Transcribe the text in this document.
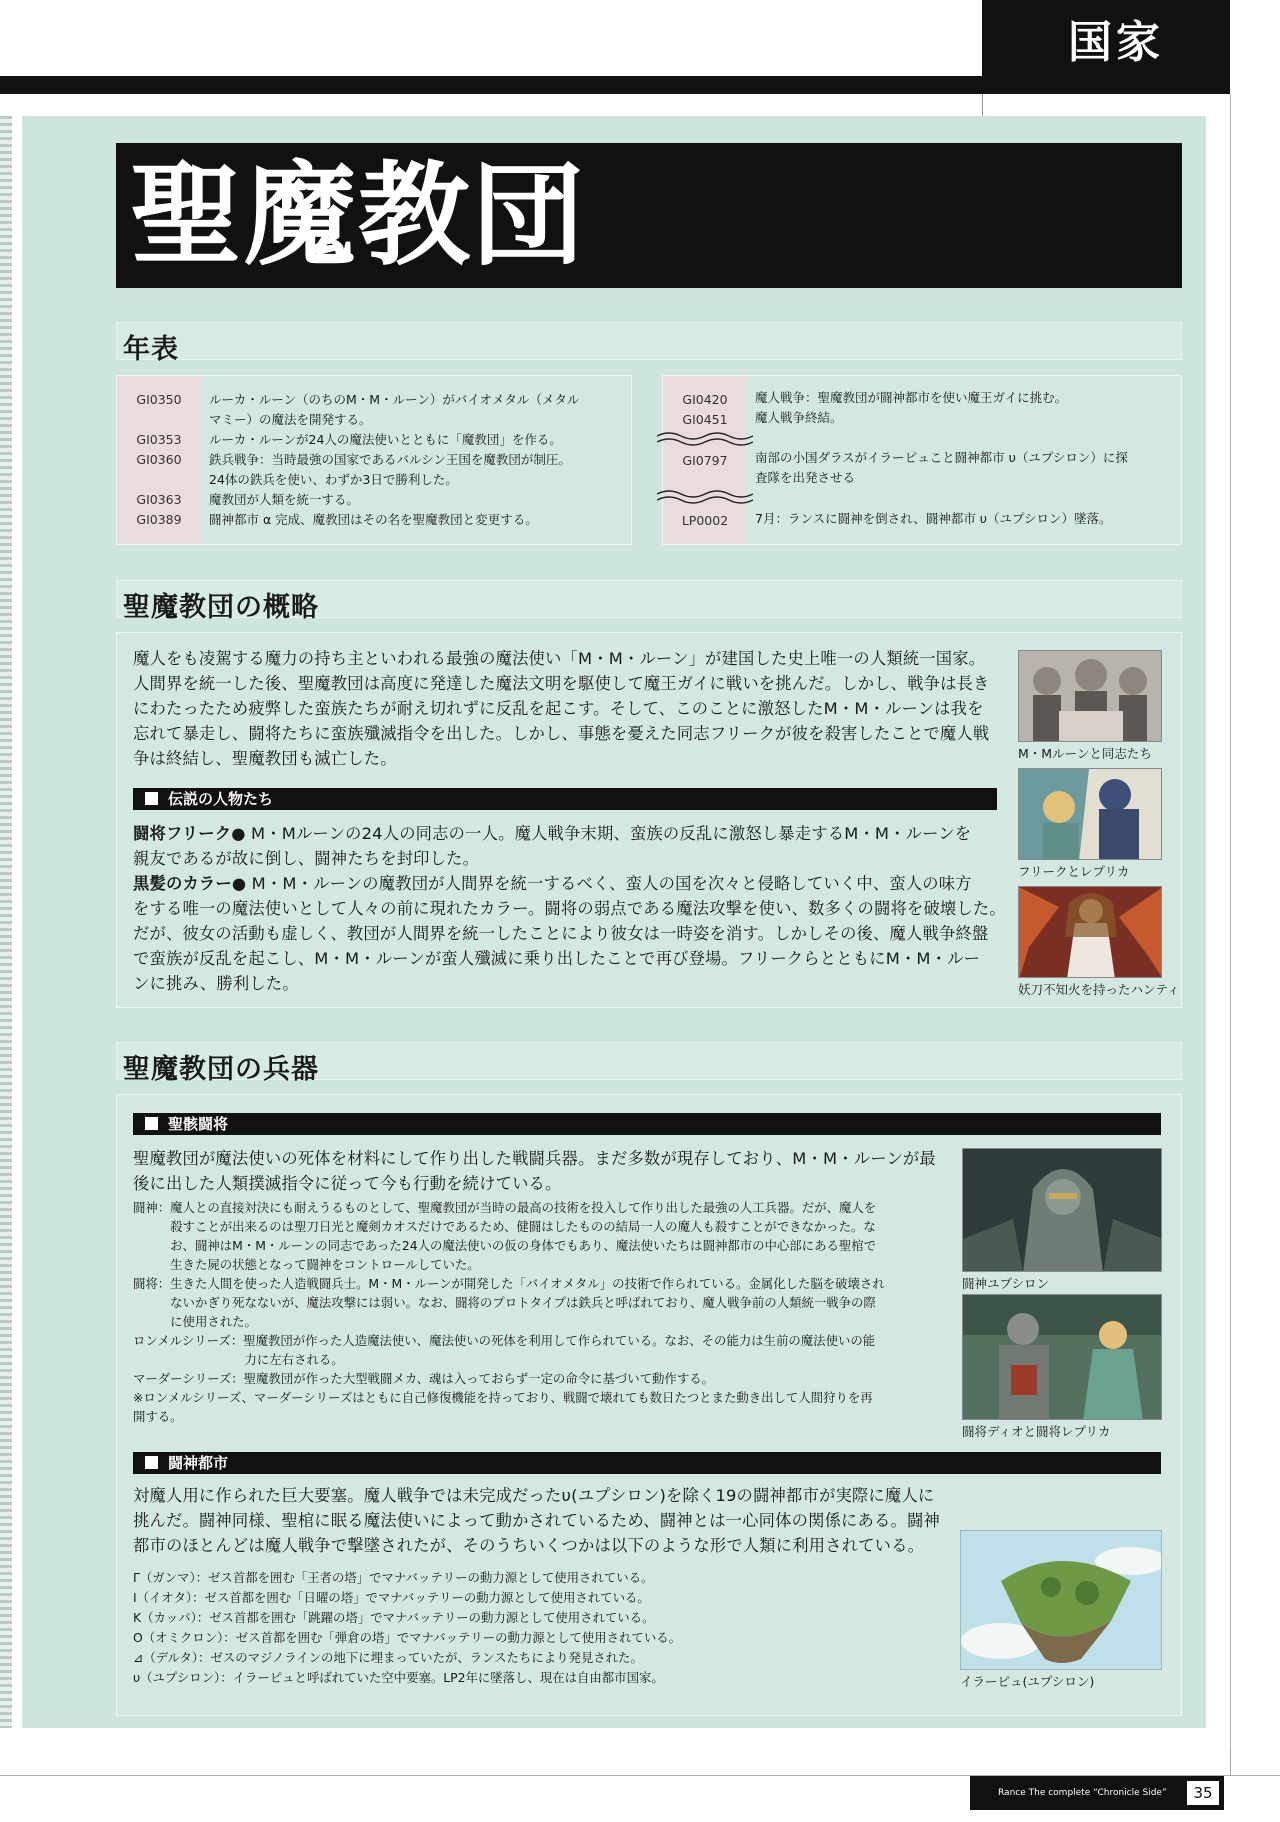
国家
聖魔教団
年表
GI0350	ルーカ・ルーン（のちのM・M・ルーン）がバイオメタル（メタル
マミー）の魔法を開発する。
GI0353	ルーカ・ルーンが24人の魔法使いとともに「魔教団」を作る。
GI0360	鉄兵戦争：当時最強の国家であるバルシン王国を魔教団が制圧。
24体の鉄兵を使い、わずか3日で勝利した。
GI0363	魔教団が人類を統一する。
GI0389	闘神都市 α 完成、魔教団はその名を聖魔教団と変更する。
GI0420	魔人戦争：聖魔教団が闘神都市を使い魔王ガイに挑む。
GI0451	魔人戦争終結。
GI0797	南部の小国ダラスがイラーピュこと闘神都市 υ（ユプシロン）に探
査隊を出発させる
LP0002	7月：ランスに闘神を倒され、闘神都市 υ（ユプシロン）墜落。
聖魔教団の概略
魔人をも凌駕する魔力の持ち主といわれる最強の魔法使い「M・M・ルーン」が建国した史上唯一の人類統一国家。
人間界を統一した後、聖魔教団は高度に発達した魔法文明を駆使して魔王ガイに戦いを挑んだ。しかし、戦争は長き
にわたったため疲弊した蛮族たちが耐え切れずに反乱を起こす。そして、このことに激怒したM・M・ルーンは我を
忘れて暴走し、闘将たちに蛮族殲滅指令を出した。しかし、事態を憂えた同志フリークが彼を殺害したことで魔人戦
争は終結し、聖魔教団も滅亡した。
伝説の人物たち
闘将フリーク● M・Mルーンの24人の同志の一人。魔人戦争末期、蛮族の反乱に激怒し暴走するM・M・ルーンを
親友であるが故に倒し、闘神たちを封印した。
黒髪のカラー● M・M・ルーンの魔教団が人間界を統一するべく、蛮人の国を次々と侵略していく中、蛮人の味方
をする唯一の魔法使いとして人々の前に現れたカラー。闘将の弱点である魔法攻撃を使い、数多くの闘将を破壊した。
だが、彼女の活動も虚しく、教団が人間界を統一したことにより彼女は一時姿を消す。しかしその後、魔人戦争終盤
で蛮族が反乱を起こし、M・M・ルーンが蛮人殲滅に乗り出したことで再び登場。フリークらとともにM・M・ルー
ンに挑み、勝利した。
M・Mルーンと同志たち
フリークとレプリカ
妖刀不知火を持ったハンティ
聖魔教団の兵器
聖骸闘将
聖魔教団が魔法使いの死体を材料にして作り出した戦闘兵器。まだ多数が現存しており、M・M・ルーンが最
後に出した人類撲滅指令に従って今も行動を続けている。
闘神：魔人との直接対決にも耐えうるものとして、聖魔教団が当時の最高の技術を投入して作り出した最強の人工兵器。だが、魔人を
　　　殺すことが出来るのは聖刀日光と魔剣カオスだけであるため、健闘はしたものの結局一人の魔人も殺すことができなかった。な
　　　お、闘神はM・M・ルーンの同志であった24人の魔法使いの仮の身体でもあり、魔法使いたちは闘神都市の中心部にある聖棺で
　　　生きた屍の状態となって闘神をコントロールしていた。
闘将：生きた人間を使った人造戦闘兵士。M・M・ルーンが開発した「バイオメタル」の技術で作られている。金属化した脳を破壊され
　　　ないかぎり死なないが、魔法攻撃には弱い。なお、闘将のプロトタイプは鉄兵と呼ばれており、魔人戦争前の人類統一戦争の際
　　　に使用された。
ロンメルシリーズ：聖魔教団が作った人造魔法使い、魔法使いの死体を利用して作られている。なお、その能力は生前の魔法使いの能
　　　　　　　　　力に左右される。
マーダーシリーズ：聖魔教団が作った大型戦闘メカ、魂は入っておらず一定の命令に基づいて動作する。
※ロンメルシリーズ、マーダーシリーズはともに自己修復機能を持っており、戦闘で壊れても数日たつとまた動き出して人間狩りを再
開する。
闘神ユプシロン
闘将ディオと闘将レプリカ
闘神都市
対魔人用に作られた巨大要塞。魔人戦争では未完成だったυ(ユプシロン)を除く19の闘神都市が実際に魔人に
挑んだ。闘神同様、聖棺に眠る魔法使いによって動かされているため、闘神とは一心同体の関係にある。闘神
都市のほとんどは魔人戦争で撃墜されたが、そのうちいくつかは以下のような形で人類に利用されている。
Γ（ガンマ）：ゼス首都を囲む「王者の塔」でマナバッテリーの動力源として使用されている。
Ι（イオタ）：ゼス首都を囲む「日曜の塔」でマナバッテリーの動力源として使用されている。
Κ（カッパ）：ゼス首都を囲む「跳躍の塔」でマナバッテリーの動力源として使用されている。
Ο（オミクロン）：ゼス首都を囲む「弾倉の塔」でマナバッテリーの動力源として使用されている。
⊿（デルタ）：ゼスのマジノラインの地下に埋まっていたが、ランスたちにより発見された。
υ（ユプシロン）：イラーピュと呼ばれていた空中要塞。LP2年に墜落し、現在は自由都市国家。	イラーピュ(ユプシロン)
Rance The complete “Chronicle Side”	35
